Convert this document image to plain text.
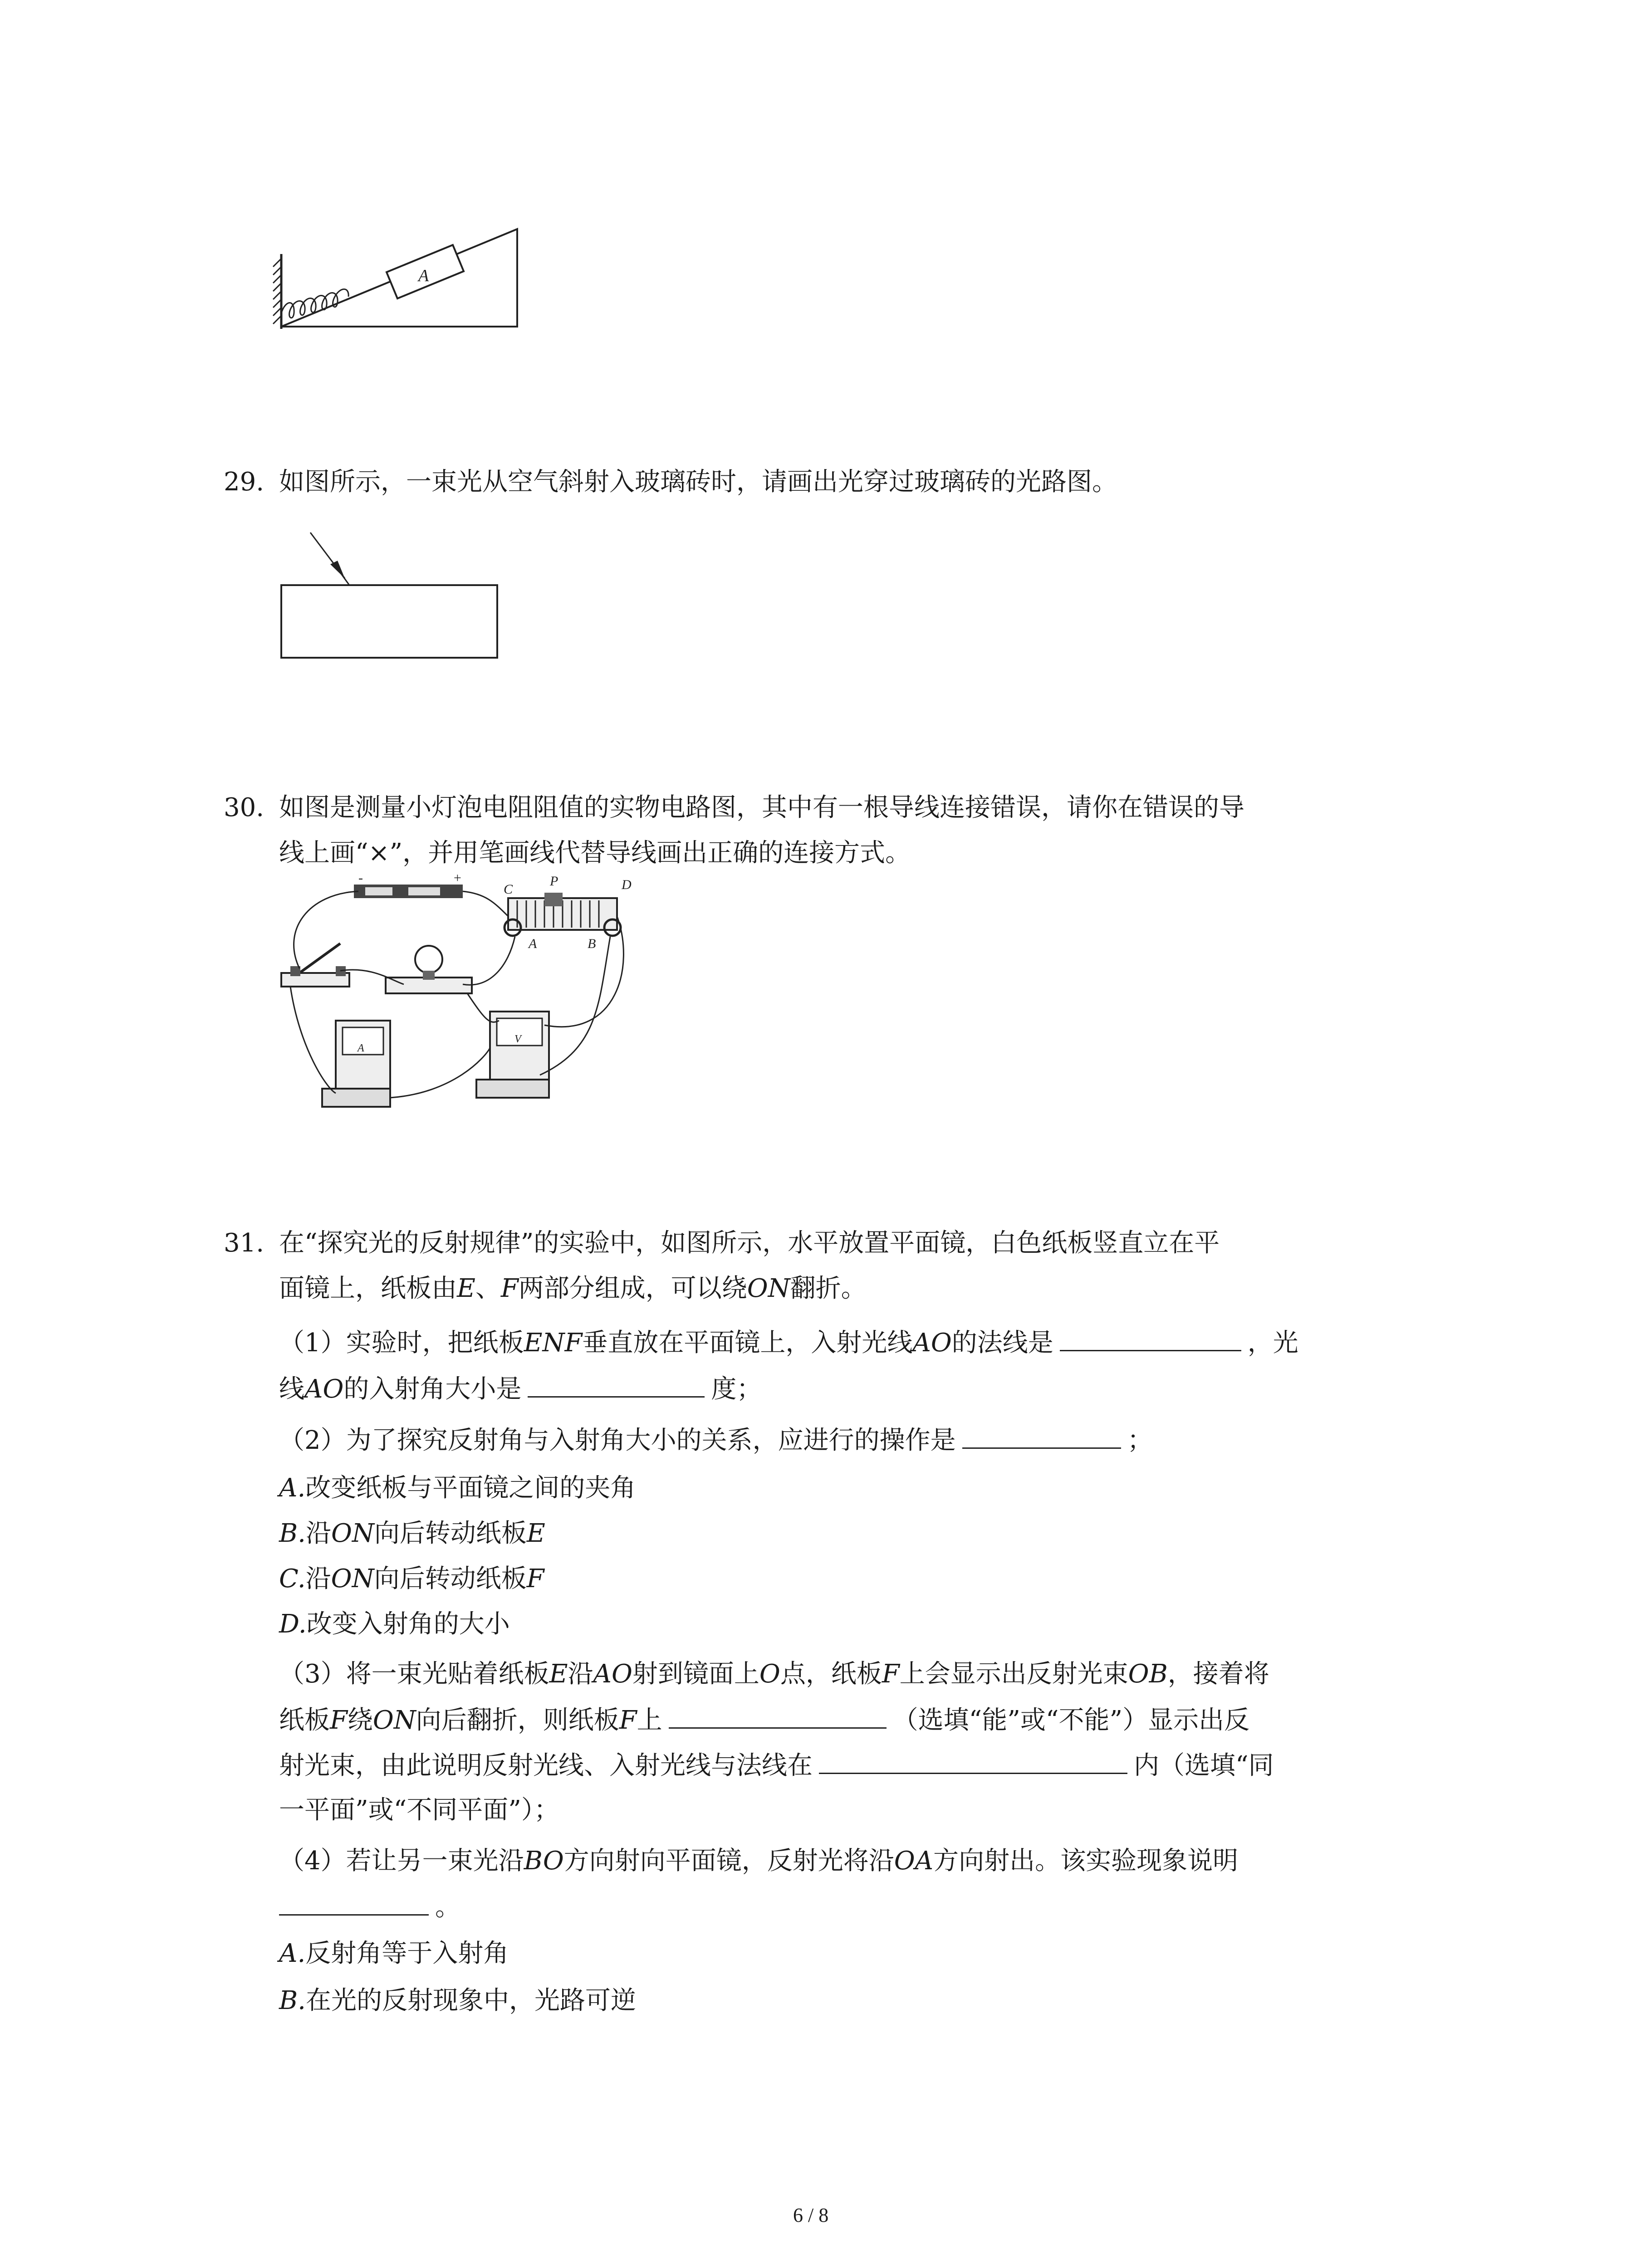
A
29. 如图所示，一束光从空气斜射入玻璃砖时，请画出光穿过玻璃砖的光路图。
30. 如图是测量小灯泡电阻阻值的实物电路图，其中有一根导线连接错误，请你在错误的导
线上画“×”，并用笔画线代替导线画出正确的连接方式。
-	+
C
P	D
A	B
A
V
31. 在“探究光的反射规律”的实验中，如图所示，水平放置平面镜，白色纸板竖直立在平
面镜上，纸板由E、F两部分组成，可以绕ON翻折。
（1）实验时，把纸板ENF垂直放在平面镜上，入射光线AO的法线是	，光
线AO的入射角大小是	度；
（2）为了探究反射角与入射角大小的关系，应进行的操作是	；
A.改变纸板与平面镜之间的夹角
B.沿ON向后转动纸板E
C.沿ON向后转动纸板F
D.改变入射角的大小
（3）将一束光贴着纸板E沿AO射到镜面上O点，纸板F上会显示出反射光束OB，接着将
纸板F绕ON向后翻折，则纸板F上	（选填“能”或“不能”）显示出反
射光束，由此说明反射光线、入射光线与法线在	内（选填“同
一平面”或“不同平面”）；
（4）若让另一束光沿BO方向射向平面镜，反射光将沿OA方向射出。该实验现象说明
。
A.反射角等于入射角
B.在光的反射现象中，光路可逆
6 / 8
